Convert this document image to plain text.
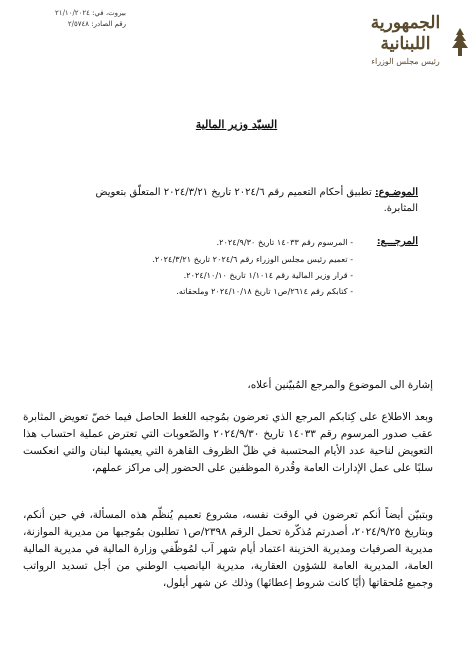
بيروت، في: ٢١/١٠/٢٠٢٤
رقم الصادر: ٢/٥٧٤٨	الجمهورية
اللبنانية
رئيس مجلس الوزراء
السيّد وزير المالية
الموضـوع: تطبيق أحكام التعميم رقم ٢٠٢٤/٦ تاريخ ٢٠٢٤/٣/٢١ المتعلّق بتعويض المثابرة.
المرجـــع:
- المرسوم رقم ١٤٠٣٣ تاريخ ٢٠٢٤/٩/٣٠.
- تعميم رئيس مجلس الوزراء رقم ٢٠٢٤/٦ تاريخ ٢٠٢٤/٣/٢١.
- قرار وزير المالية رقم ١/١٠١٤ تاريخ ٢٠٢٤/١٠/١٠.
- كتابكم رقم ٢٦١٤/ص١ تاريخ ٢٠٢٤/١٠/١٨ وملحقاته.
إشارة الى الموضوع والمرجع المُبيّنين أعلاه،
وبعد الاطلاع على كِتابكم المرجع الذي تعرضون بمُوجبه اللغط الحاصل فيما خصّ تعويض المثابرة عقب صدور المرسوم رقم ١٤٠٣٣ تاريخ ٢٠٢٤/٩/٣٠ والصّعوبات التي تعترض عملية احتساب هذا التعويض لناحية عدد الأيام المحتسبة في ظلّ الظروف القاهرة التي يعيشها لبنان والتي انعكست سلبًا على عمل الإدارات العامة وقُدرة الموظفين على الحضور إلى مراكز عملهم،
وبتبيّن أيضاً أنكم تعرضون في الوقت نفسه، مشروع تعميم يُنظّم هذه المسألة، في حين أنكم، وبتاريخ ٢٠٢٤/٩/٢٥، أصدرتم مُذكّرة تحمل الرقم ٢٣٩٨/ص١ تطلبون بمُوجبها من مديرية الموازنة، مديرية الصرفيات ومديرية الخزينة اعتماد أيام شهر آب لمُوظّفي وزارة المالية في مديرية المالية العامة، المديرية العامة للشؤون العقارية، مديرية اليانصيب الوطني من أجل تسديد الرواتب وجميع مُلحقاتها (أيًا كانت شروط إعطائها) وذلك عن شهر أيلول،
